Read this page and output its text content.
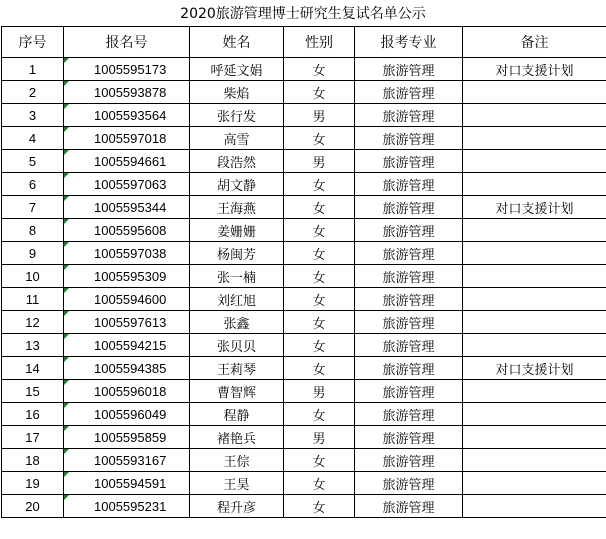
2020旅游管理博士研究生复试名单公示
序号	报名号	姓名	性别	报考专业	备注
1	1005595173	呼延文娟	女	旅游管理	对口支援计划
2	1005593878	柴焰	女	旅游管理	
3	1005593564	张行发	男	旅游管理	
4	1005597018	高雪	女	旅游管理	
5	1005594661	段浩然	男	旅游管理	
6	1005597063	胡文静	女	旅游管理	
7	1005595344	王海燕	女	旅游管理	对口支援计划
8	1005595608	姜姗姗	女	旅游管理	
9	1005597038	杨闽芳	女	旅游管理	
10	1005595309	张一楠	女	旅游管理	
11	1005594600	刘红旭	女	旅游管理	
12	1005597613	张鑫	女	旅游管理	
13	1005594215	张贝贝	女	旅游管理	
14	1005594385	王莉琴	女	旅游管理	对口支援计划
15	1005596018	曹智辉	男	旅游管理	
16	1005596049	程静	女	旅游管理	
17	1005595859	褚艳兵	男	旅游管理	
18	1005593167	王倧	女	旅游管理	
19	1005594591	王昊	女	旅游管理	
20	1005595231	程升彦	女	旅游管理	
